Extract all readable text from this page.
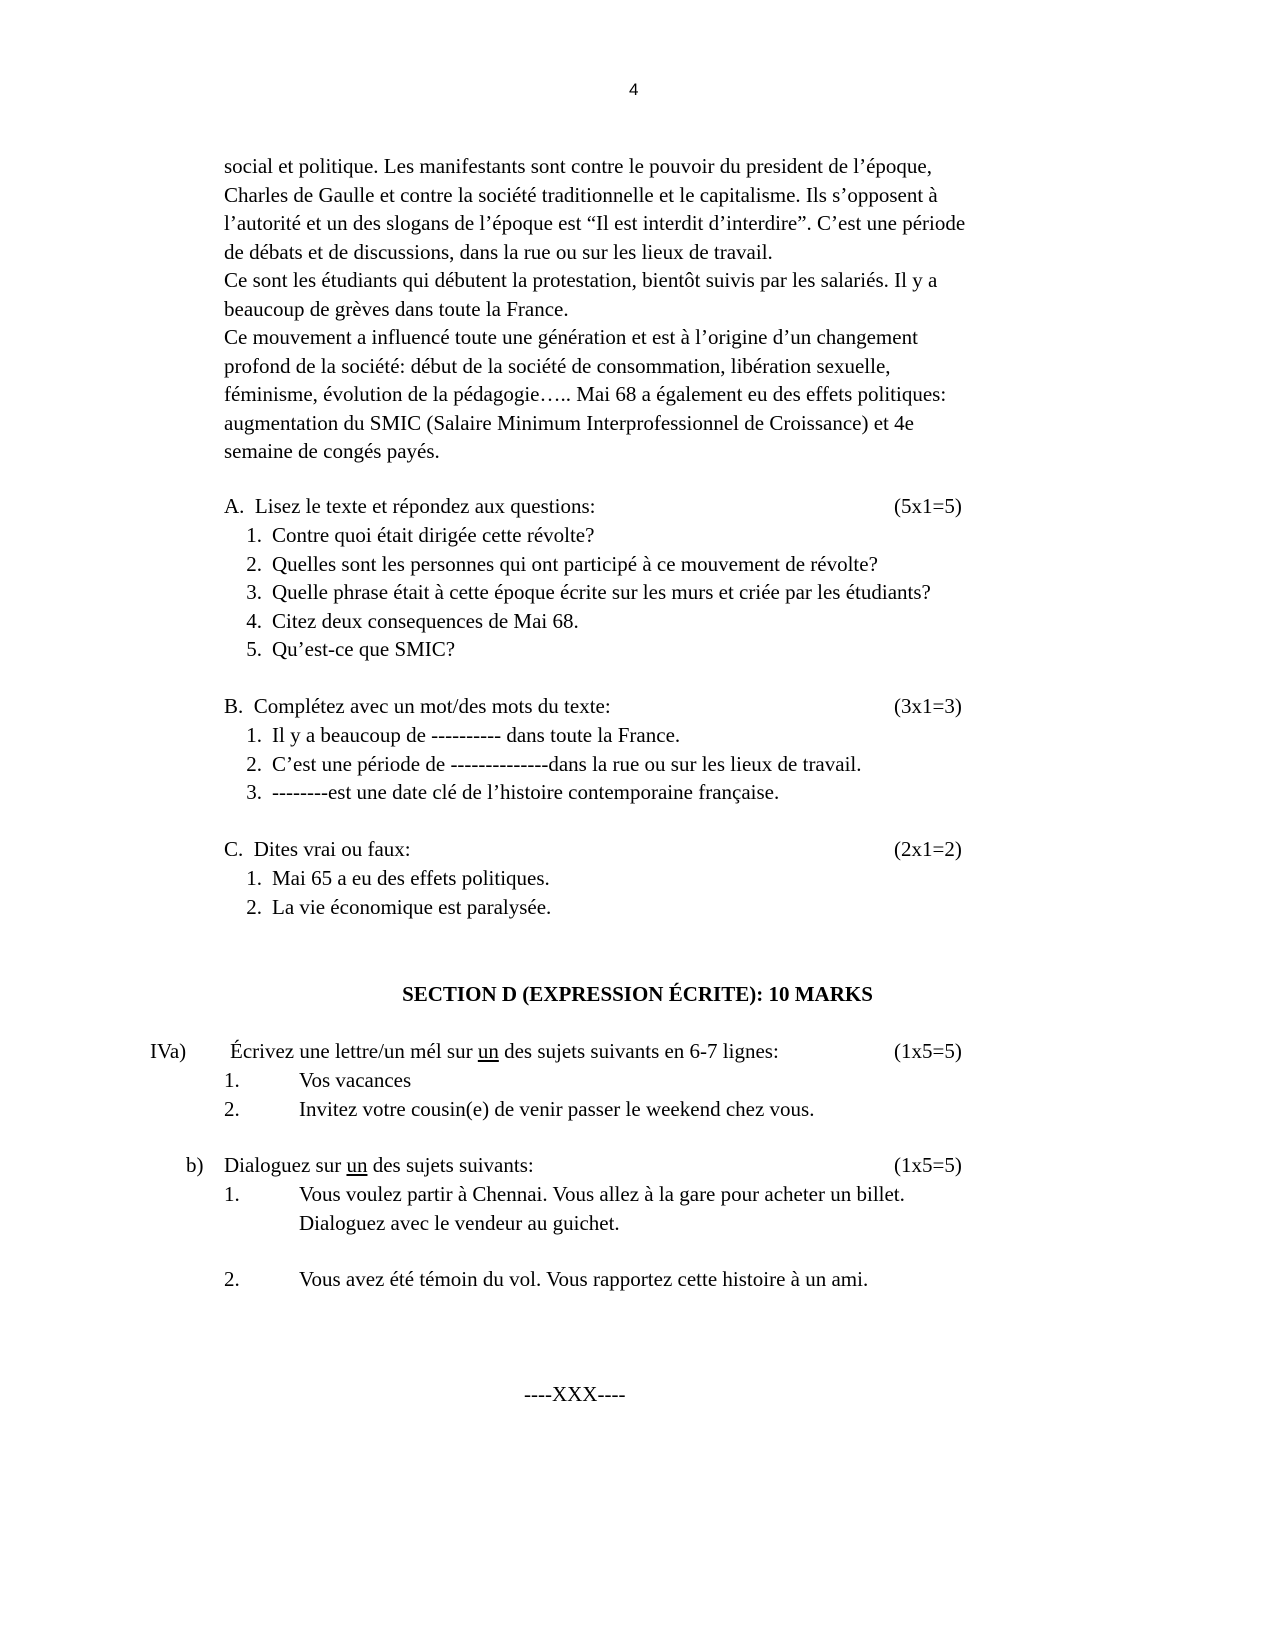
4
social et politique. Les manifestants sont contre le pouvoir du president de l’époque,
Charles de Gaulle et contre la société traditionnelle et le capitalisme. Ils s’opposent à
l’autorité et un des slogans de l’époque est “Il est interdit d’interdire”. C’est une période
de débats et de discussions, dans la rue ou sur les lieux de travail.
Ce sont les étudiants qui débutent la protestation, bientôt suivis par les salariés. Il y a
beaucoup de grèves dans toute la France.
Ce mouvement a influencé toute une génération et est à l’origine d’un changement
profond de la société: début de la société de consommation, libération sexuelle,
féminisme, évolution de la pédagogie….. Mai 68 a également eu des effets politiques:
augmentation du SMIC (Salaire Minimum Interprofessionnel de Croissance) et 4e
semaine de congés payés.
A. Lisez le texte et répondez aux questions:	(5x1=5)
1. Contre quoi était dirigée cette révolte?
2. Quelles sont les personnes qui ont participé à ce mouvement de révolte?
3. Quelle phrase était à cette époque écrite sur les murs et criée par les étudiants?
4. Citez deux consequences de Mai 68.
5. Qu’est-ce que SMIC?
B. Complétez avec un mot/des mots du texte:	(3x1=3)
1. Il y a beaucoup de ---------- dans toute la France.
2. C’est une période de --------------dans la rue ou sur les lieux de travail.
3. --------est une date clé de l’histoire contemporaine française.
C. Dites vrai ou faux:	(2x1=2)
1. Mai 65 a eu des effets politiques.
2. La vie économique est paralysée.
SECTION D (EXPRESSION ÉCRITE): 10 MARKS
IVa) Écrivez une lettre/un mél sur un des sujets suivants en 6-7 lignes:	(1x5=5)
1.	Vos vacances
2.	Invitez votre cousin(e) de venir passer le weekend chez vous.
b) Dialoguez sur un des sujets suivants:	(1x5=5)
1.	Vous voulez partir à Chennai. Vous allez à la gare pour acheter un billet.
Dialoguez avec le vendeur au guichet.
2.	Vous avez été témoin du vol. Vous rapportez cette histoire à un ami.
----XXX----
